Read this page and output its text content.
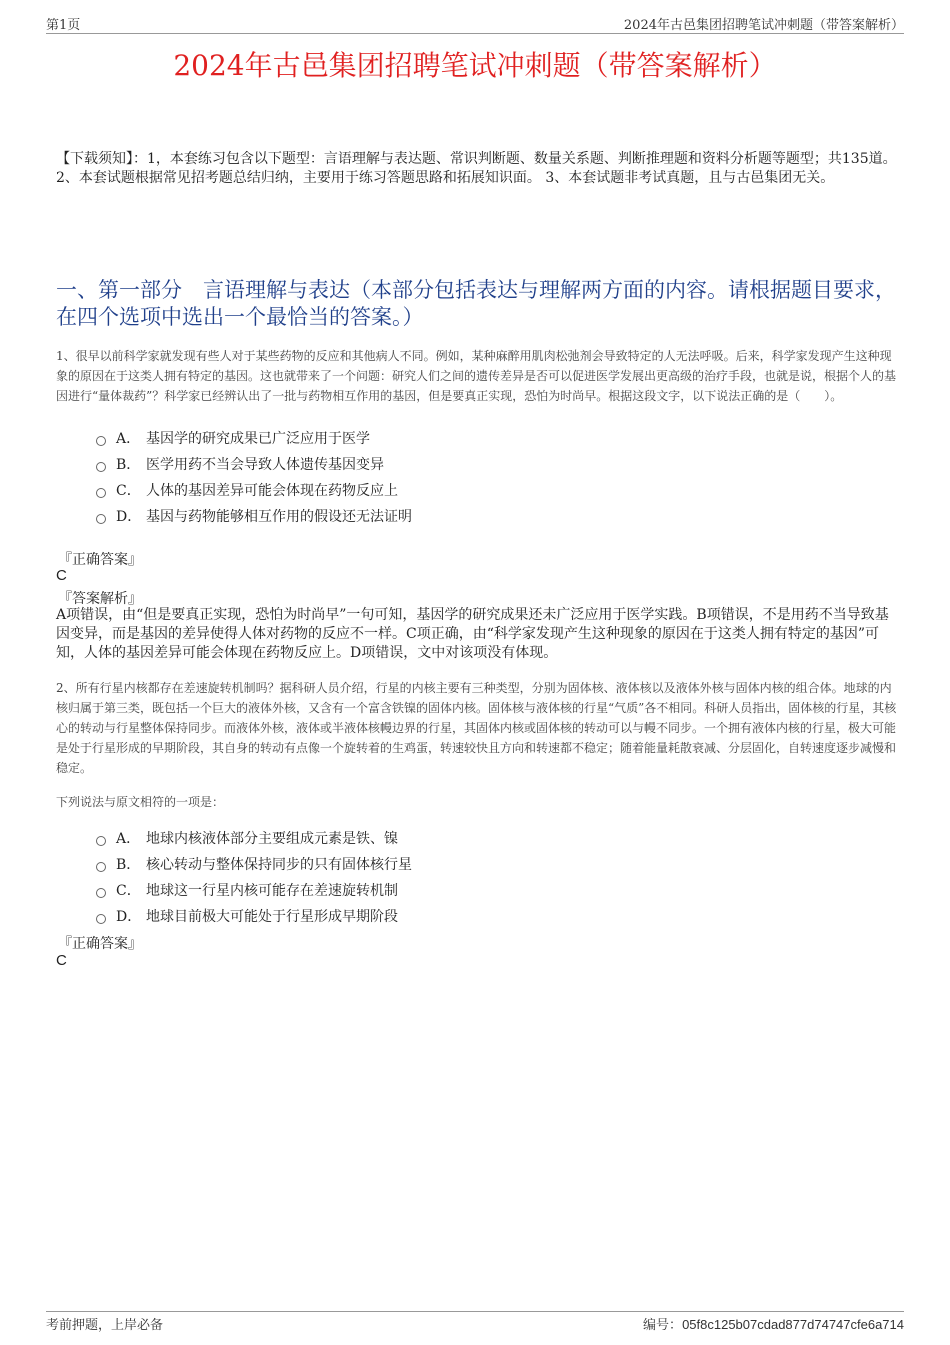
第1页	2024年古邑集团招聘笔试冲刺题（带答案解析）
2024年古邑集团招聘笔试冲刺题（带答案解析）
【下载须知】：1，本套练习包含以下题型：言语理解与表达题、常识判断题、数量关系题、判断推理题和资料分析题等题型；共135道。 2、本套试题根据常见招考题总结归纳，主要用于练习答题思路和拓展知识面。 3、本套试题非考试真题，且与古邑集团无关。
一、第一部分　言语理解与表达（本部分包括表达与理解两方面的内容。请根据题目要求，在四个选项中选出一个最恰当的答案。）
1、很早以前科学家就发现有些人对于某些药物的反应和其他病人不同。例如，某种麻醉用肌肉松弛剂会导致特定的人无法呼吸。后来，科学家发现产生这种现象的原因在于这类人拥有特定的基因。这也就带来了一个问题：研究人们之间的遗传差异是否可以促进医学发展出更高级的治疗手段，也就是说，根据个人的基因进行“量体裁药”？科学家已经辨认出了一批与药物相互作用的基因，但是要真正实现，恐怕为时尚早。根据这段文字，以下说法正确的是（　　）。
A． 基因学的研究成果已广泛应用于医学
B． 医学用药不当会导致人体遗传基因变异
C． 人体的基因差异可能会体现在药物反应上
D． 基因与药物能够相互作用的假设还无法证明
『正确答案』
C
『答案解析』
A项错误，由“但是要真正实现，恐怕为时尚早”一句可知，基因学的研究成果还未广泛应用于医学实践。B项错误，不是用药不当导致基因变异，而是基因的差异使得人体对药物的反应不一样。C项正确，由“科学家发现产生这种现象的原因在于这类人拥有特定的基因”可知，人体的基因差异可能会体现在药物反应上。D项错误，文中对该项没有体现。
2、所有行星内核都存在差速旋转机制吗？据科研人员介绍，行星的内核主要有三种类型，分别为固体核、液体核以及液体外核与固体内核的组合体。地球的内核归属于第三类，既包括一个巨大的液体外核，又含有一个富含铁镍的固体内核。固体核与液体核的行星“气质”各不相同。科研人员指出，固体核的行星，其核心的转动与行星整体保持同步。而液体外核，液体或半液体核幔边界的行星，其固体内核或固体核的转动可以与幔不同步。一个拥有液体内核的行星，极大可能是处于行星形成的早期阶段，其自身的转动有点像一个旋转着的生鸡蛋，转速较快且方向和转速都不稳定；随着能量耗散衰减、分层固化，自转速度逐步减慢和稳定。
下列说法与原文相符的一项是：
A． 地球内核液体部分主要组成元素是铁、镍
B． 核心转动与整体保持同步的只有固体核行星
C． 地球这一行星内核可能存在差速旋转机制
D． 地球目前极大可能处于行星形成早期阶段
『正确答案』
C
考前押题，上岸必备	编号：05f8c125b07cdad877d74747cfe6a714
